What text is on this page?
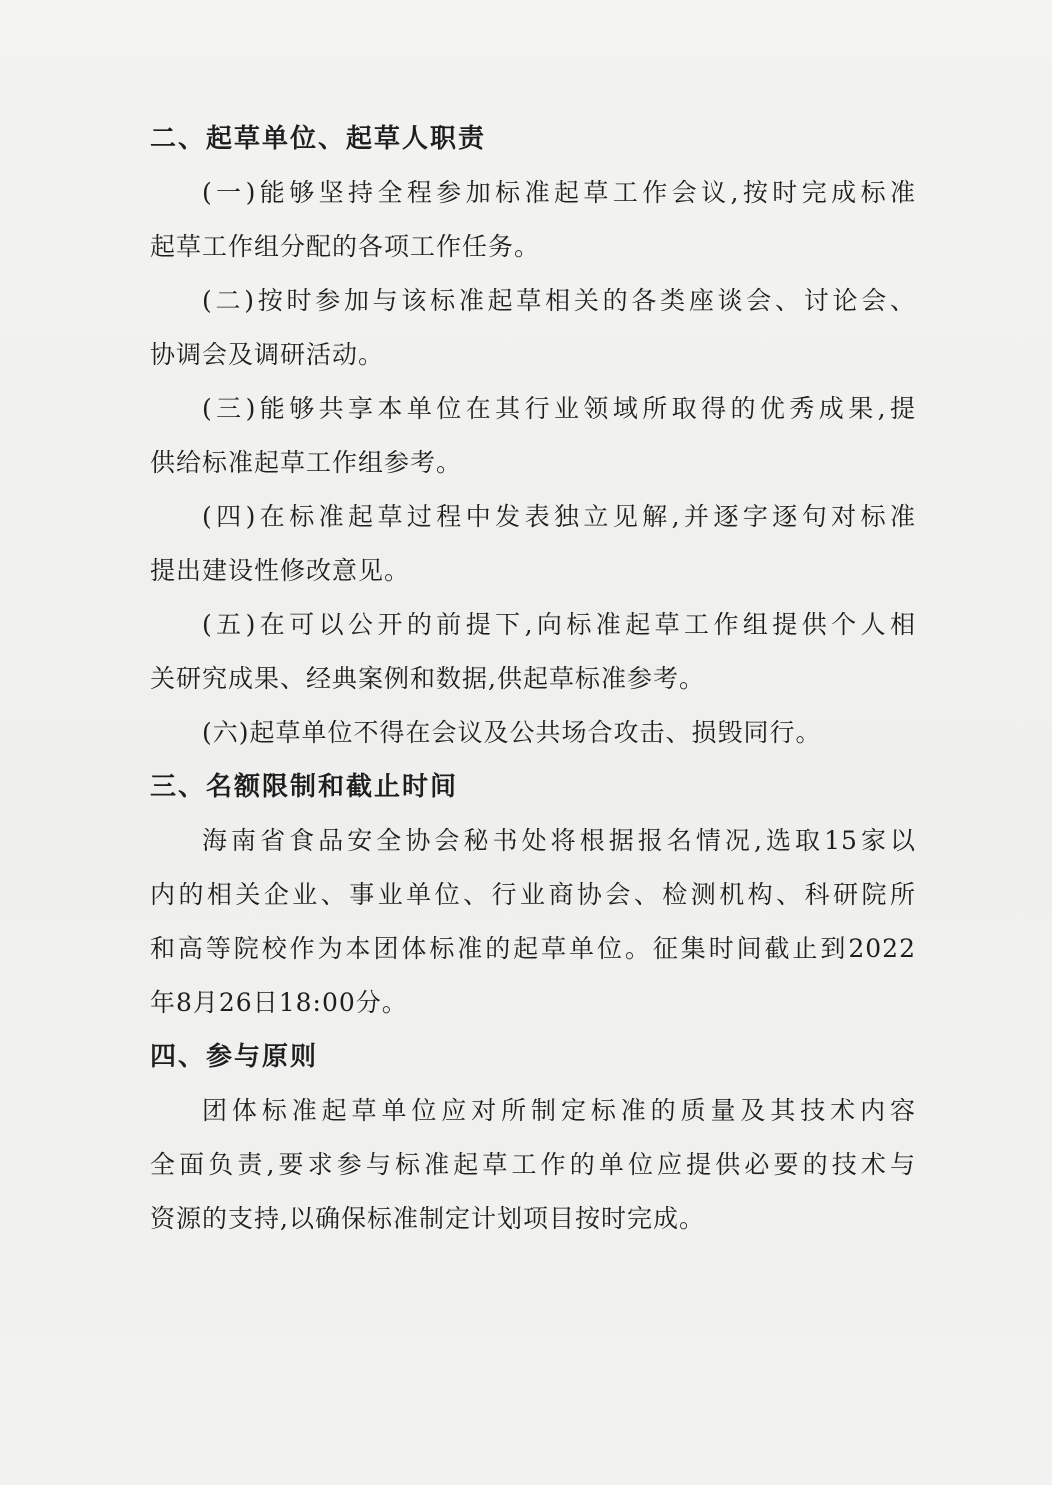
二、起草单位、起草人职责

(一)能够坚持全程参加标准起草工作会议,按时完成标准
起草工作组分配的各项工作任务。

(二)按时参加与该标准起草相关的各类座谈会、讨论会、
协调会及调研活动。

(三)能够共享本单位在其行业领域所取得的优秀成果,提
供给标准起草工作组参考。

(四)在标准起草过程中发表独立见解,并逐字逐句对标准
提出建设性修改意见。

(五)在可以公开的前提下,向标准起草工作组提供个人相
关研究成果、经典案例和数据,供起草标准参考。

(六)起草单位不得在会议及公共场合攻击、损毁同行。

三、名额限制和截止时间

海南省食品安全协会秘书处将根据报名情况,选取15家以
内的相关企业、事业单位、行业商协会、检测机构、科研院所
和高等院校作为本团体标准的起草单位。征集时间截止到2022
年8月26日18:00分。

四、参与原则

团体标准起草单位应对所制定标准的质量及其技术内容
全面负责,要求参与标准起草工作的单位应提供必要的技术与
资源的支持,以确保标准制定计划项目按时完成。
